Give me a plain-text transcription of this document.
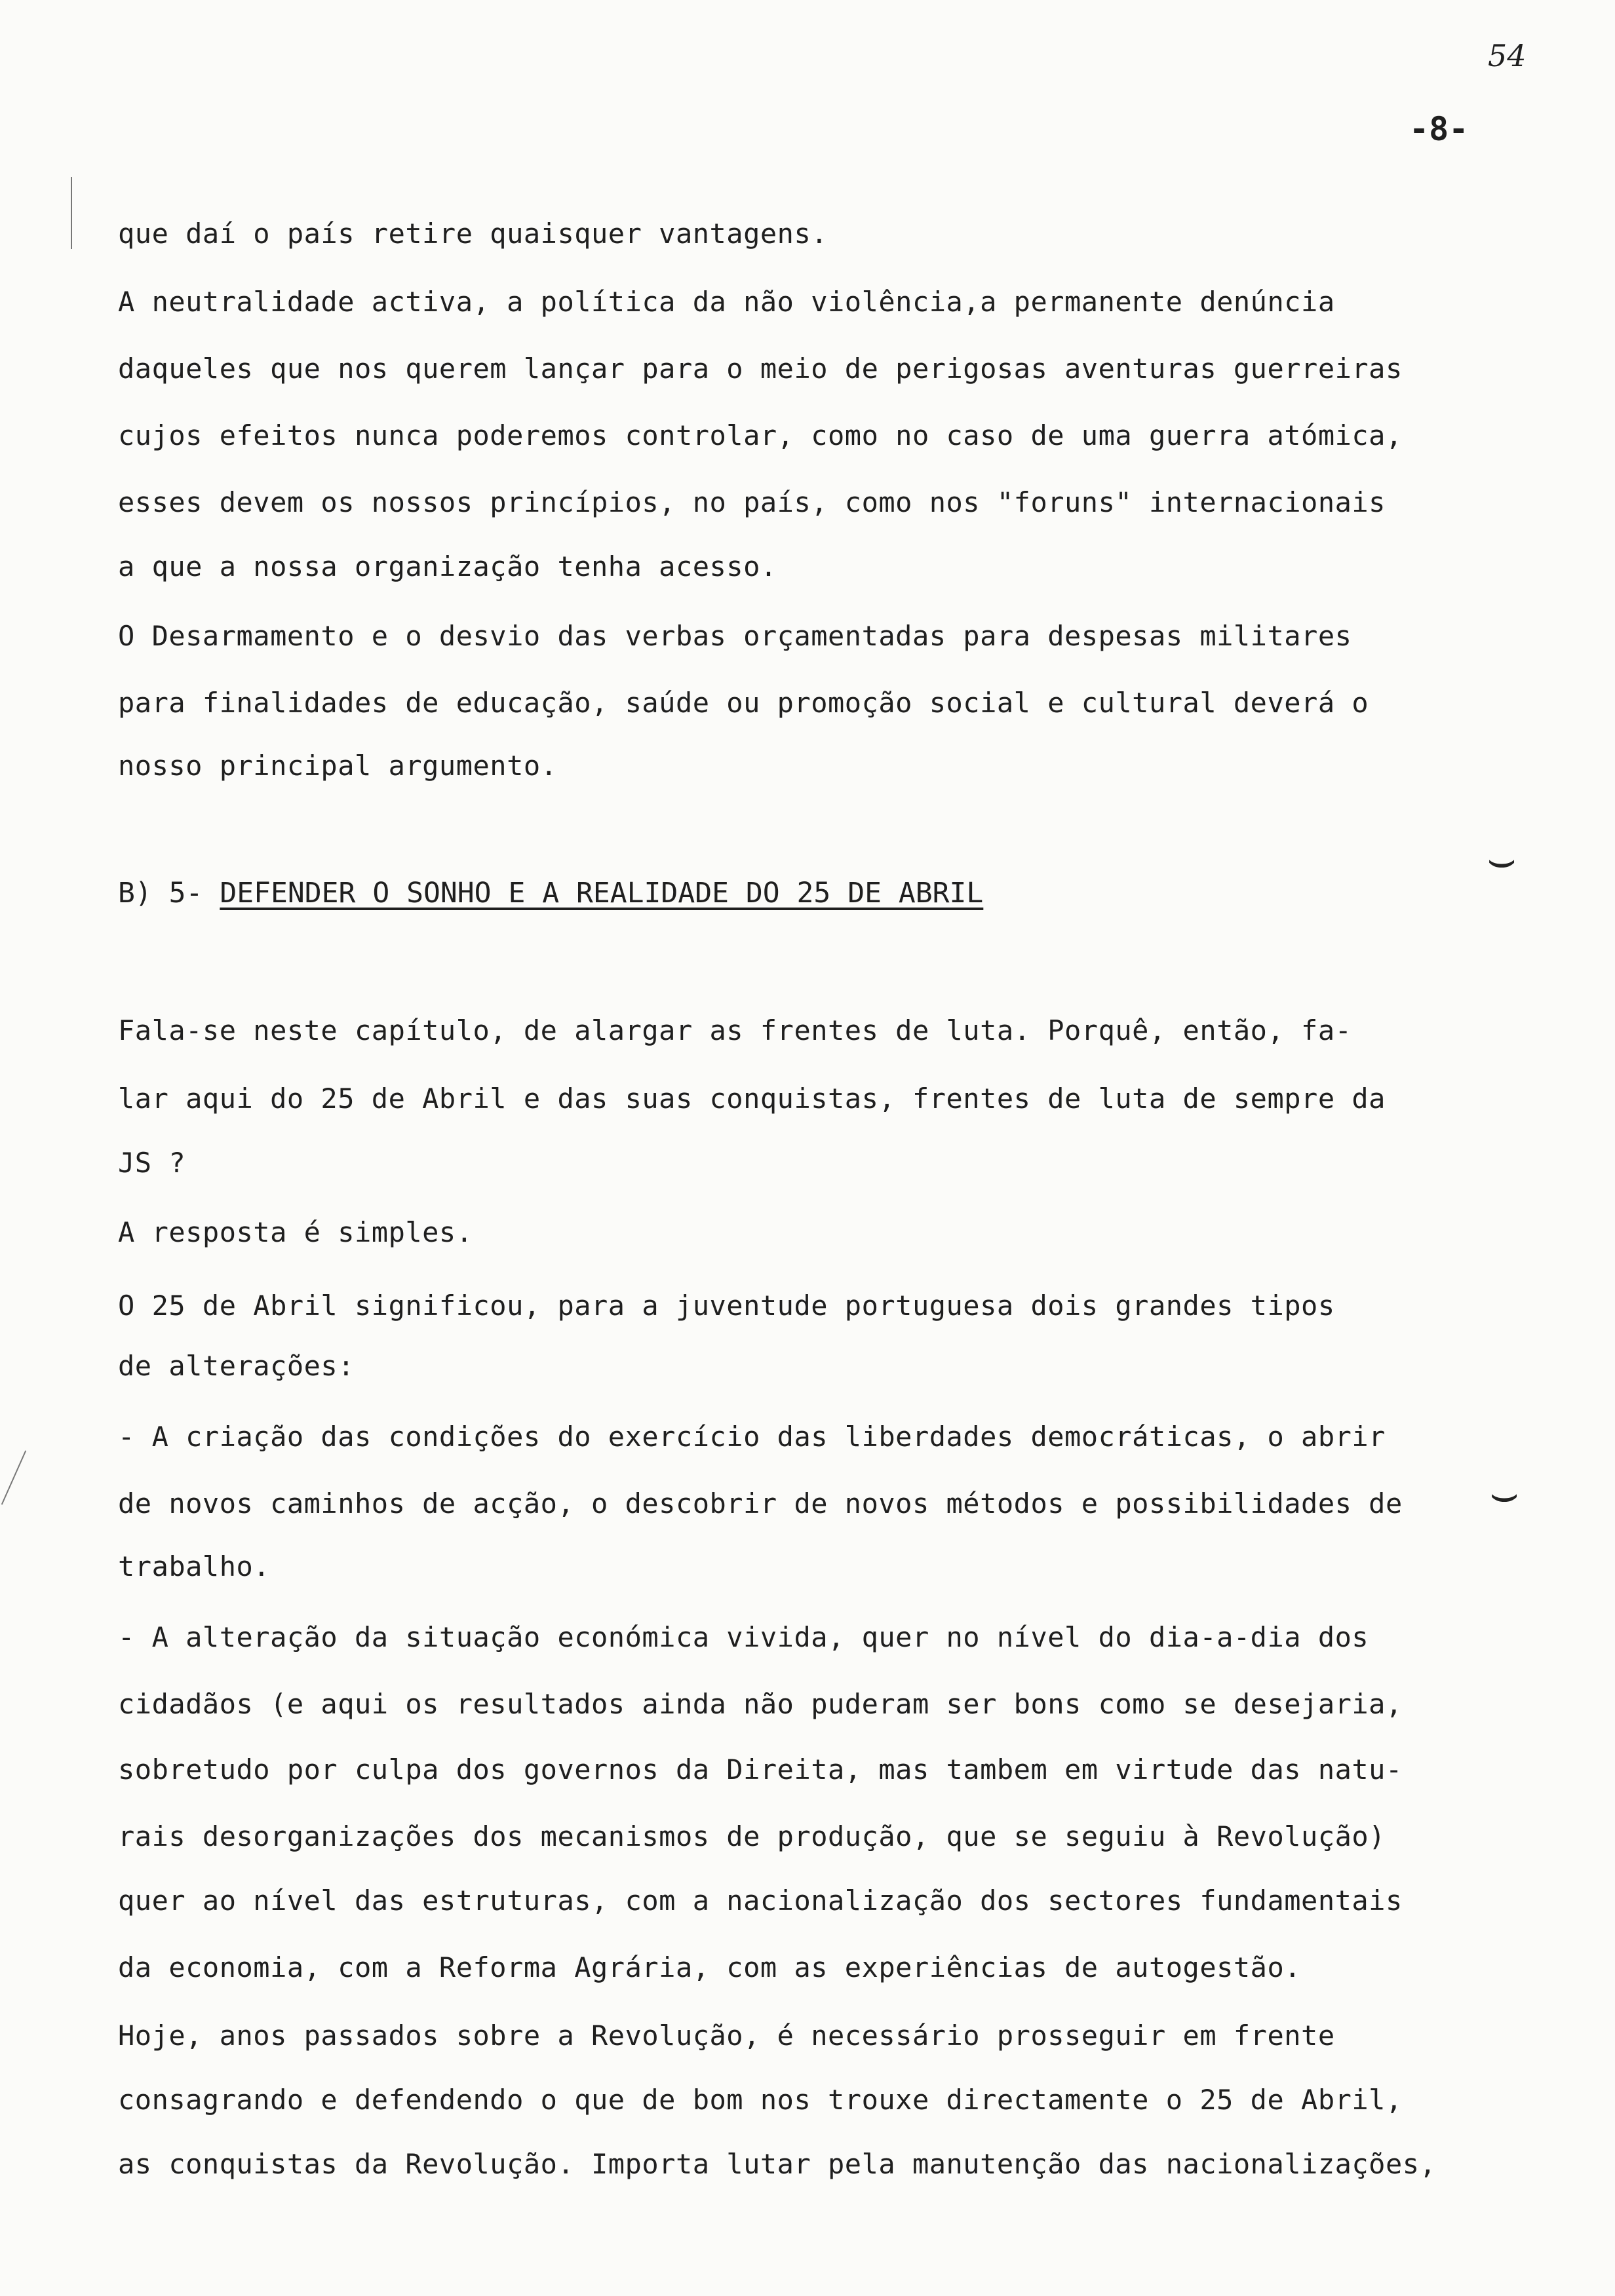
54
-8-
que daí o país retire quaisquer vantagens.
A neutralidade activa, a política da não violência,a permanente denúncia
daqueles que nos querem lançar para o meio de perigosas aventuras guerreiras
cujos efeitos nunca poderemos controlar, como no caso de uma guerra atómica,
esses devem os nossos princípios, no país, como nos "foruns" internacionais
a que a nossa organização tenha acesso.
O Desarmamento e o desvio das verbas orçamentadas para despesas militares
para finalidades de educação, saúde ou promoção social e cultural deverá o
nosso principal argumento.
B) 5- DEFENDER O SONHO E A REALIDADE DO 25 DE ABRIL
Fala-se neste capítulo, de alargar as frentes de luta. Porquê, então, fa-
lar aqui do 25 de Abril e das suas conquistas, frentes de luta de sempre da
JS ?
A resposta é simples.
O 25 de Abril significou, para a juventude portuguesa dois grandes tipos
de alterações:
- A criação das condições do exercício das liberdades democráticas, o abrir
de novos caminhos de acção, o descobrir de novos métodos e possibilidades de
trabalho.
- A alteração da situação económica vivida, quer no nível do dia-a-dia dos
cidadãos (e aqui os resultados ainda não puderam ser bons como se desejaria,
sobretudo por culpa dos governos da Direita, mas tambem em virtude das natu-
rais desorganizações dos mecanismos de produção, que se seguiu à Revolução)
quer ao nível das estruturas, com a nacionalização dos sectores fundamentais
da economia, com a Reforma Agrária, com as experiências de autogestão.
Hoje, anos passados sobre a Revolução, é necessário prosseguir em frente
consagrando e defendendo o que de bom nos trouxe directamente o 25 de Abril,
as conquistas da Revolução. Importa lutar pela manutenção das nacionalizações,
⌣
⌣
